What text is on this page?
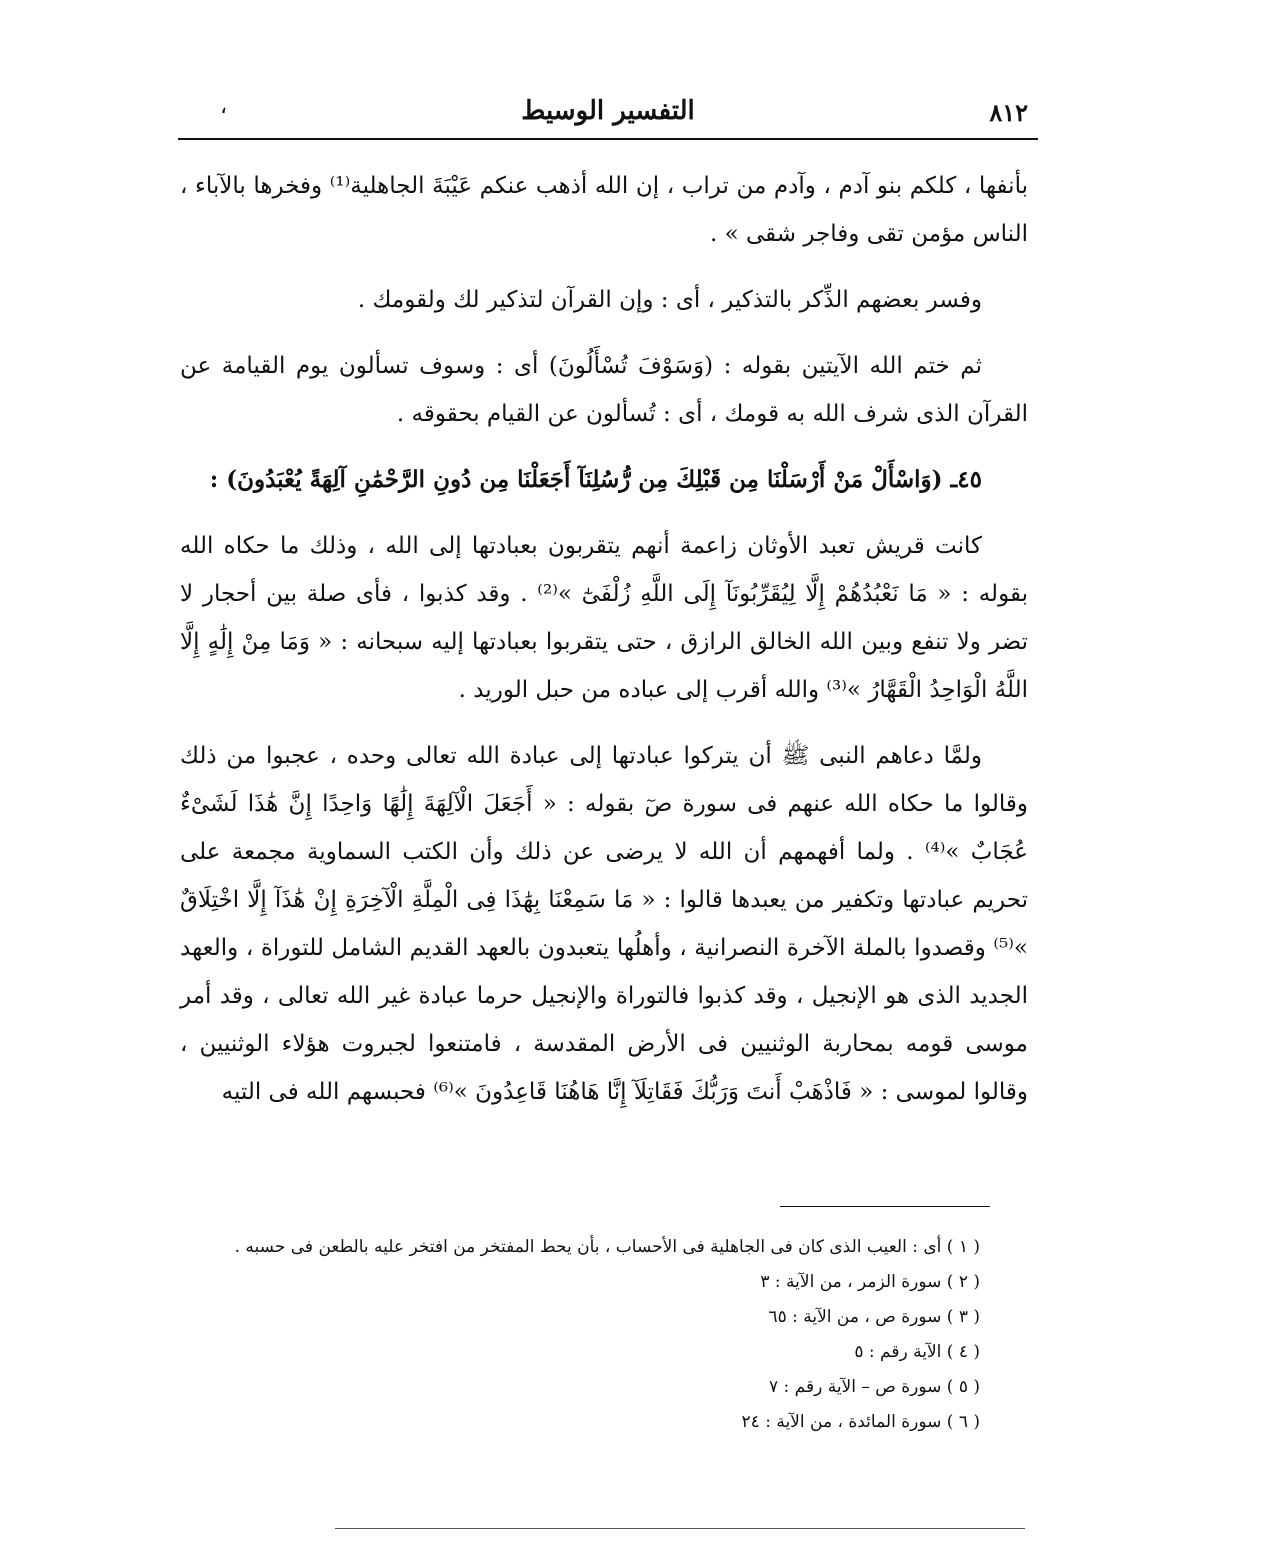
٨١٢
التفسير الوسيط
،

بأنفها ، كلكم بنو آدم ، وآدم من تراب ، إن الله أذهب عنكم عَيْبَةَ الجاهلية⁽¹⁾ وفخرها بالآباء ، الناس مؤمن تقى وفاجر شقى » .

وفسر بعضهم الذِّكر بالتذكير ، أى : وإن القرآن لتذكير لك ولقومك .

ثم ختم الله الآيتين بقوله : (وَسَوْفَ تُسْأَلُونَ) أى : وسوف تسألون يوم القيامة عن القرآن الذى شرف الله به قومك ، أى : تُسألون عن القيام بحقوقه .

٤٥ـ (وَاسْأَلْ مَنْ أَرْسَلْنَا مِن قَبْلِكَ مِن رُّسُلِنَآ أَجَعَلْنَا مِن دُونِ الرَّحْمَٰنِ آلِهَةً يُعْبَدُونَ) :

كانت قريش تعبد الأوثان زاعمة أنهم يتقربون بعبادتها إلى الله ، وذلك ما حكاه الله بقوله : « مَا نَعْبُدُهُمْ إِلَّا لِيُقَرِّبُونَآ إِلَى اللَّهِ زُلْفَىٰٓ »⁽²⁾ . وقد كذبوا ، فأى صلة بين أحجار لا تضر ولا تنفع وبين الله الخالق الرازق ، حتى يتقربوا بعبادتها إليه سبحانه : « وَمَا مِنْ إِلَٰهٍ إِلَّا اللَّهُ الْوَاحِدُ الْقَهَّارُ »⁽³⁾ والله أقرب إلى عباده من حبل الوريد .

ولمَّا دعاهم النبى ﷺ أن يتركوا عبادتها إلى عبادة الله تعالى وحده ، عجبوا من ذلك وقالوا ما حكاه الله عنهم فى سورة صٓ بقوله : « أَجَعَلَ الْآلِهَةَ إِلَٰهًا وَاحِدًا إِنَّ هَٰذَا لَشَىْءٌ عُجَابٌ »⁽⁴⁾ . ولما أفهمهم أن الله لا يرضى عن ذلك وأن الكتب السماوية مجمعة على تحريم عبادتها وتكفير من يعبدها قالوا : « مَا سَمِعْنَا بِهَٰذَا فِى الْمِلَّةِ الْآخِرَةِ إِنْ هَٰذَآ إِلَّا اخْتِلَاقٌ »⁽⁵⁾ وقصدوا بالملة الآخرة النصرانية ، وأهلُها يتعبدون بالعهد القديم الشامل للتوراة ، والعهد الجديد الذى هو الإنجيل ، وقد كذبوا فالتوراة والإنجيل حرما عبادة غير الله تعالى ، وقد أمر موسى قومه بمحاربة الوثنيين فى الأرض المقدسة ، فامتنعوا لجبروت هؤلاء الوثنيين ، وقالوا لموسى : « فَاذْهَبْ أَنتَ وَرَبُّكَ فَقَاتِلَآ إِنَّا هَاهُنَا قَاعِدُونَ »⁽⁶⁾ فحبسهم الله فى التيه

( ١ ) أى : العيب الذى كان فى الجاهلية فى الأحساب ، بأن يحط المفتخر من افتخر عليه بالطعن فى حسبه .
( ٢ ) سورة الزمر ، من الآية : ٣
( ٣ ) سورة ص ، من الآية : ٦٥
( ٤ ) الآية رقم : ٥
( ٥ ) سورة ص – الآية رقم : ٧
( ٦ ) سورة المائدة ، من الآية : ٢٤
